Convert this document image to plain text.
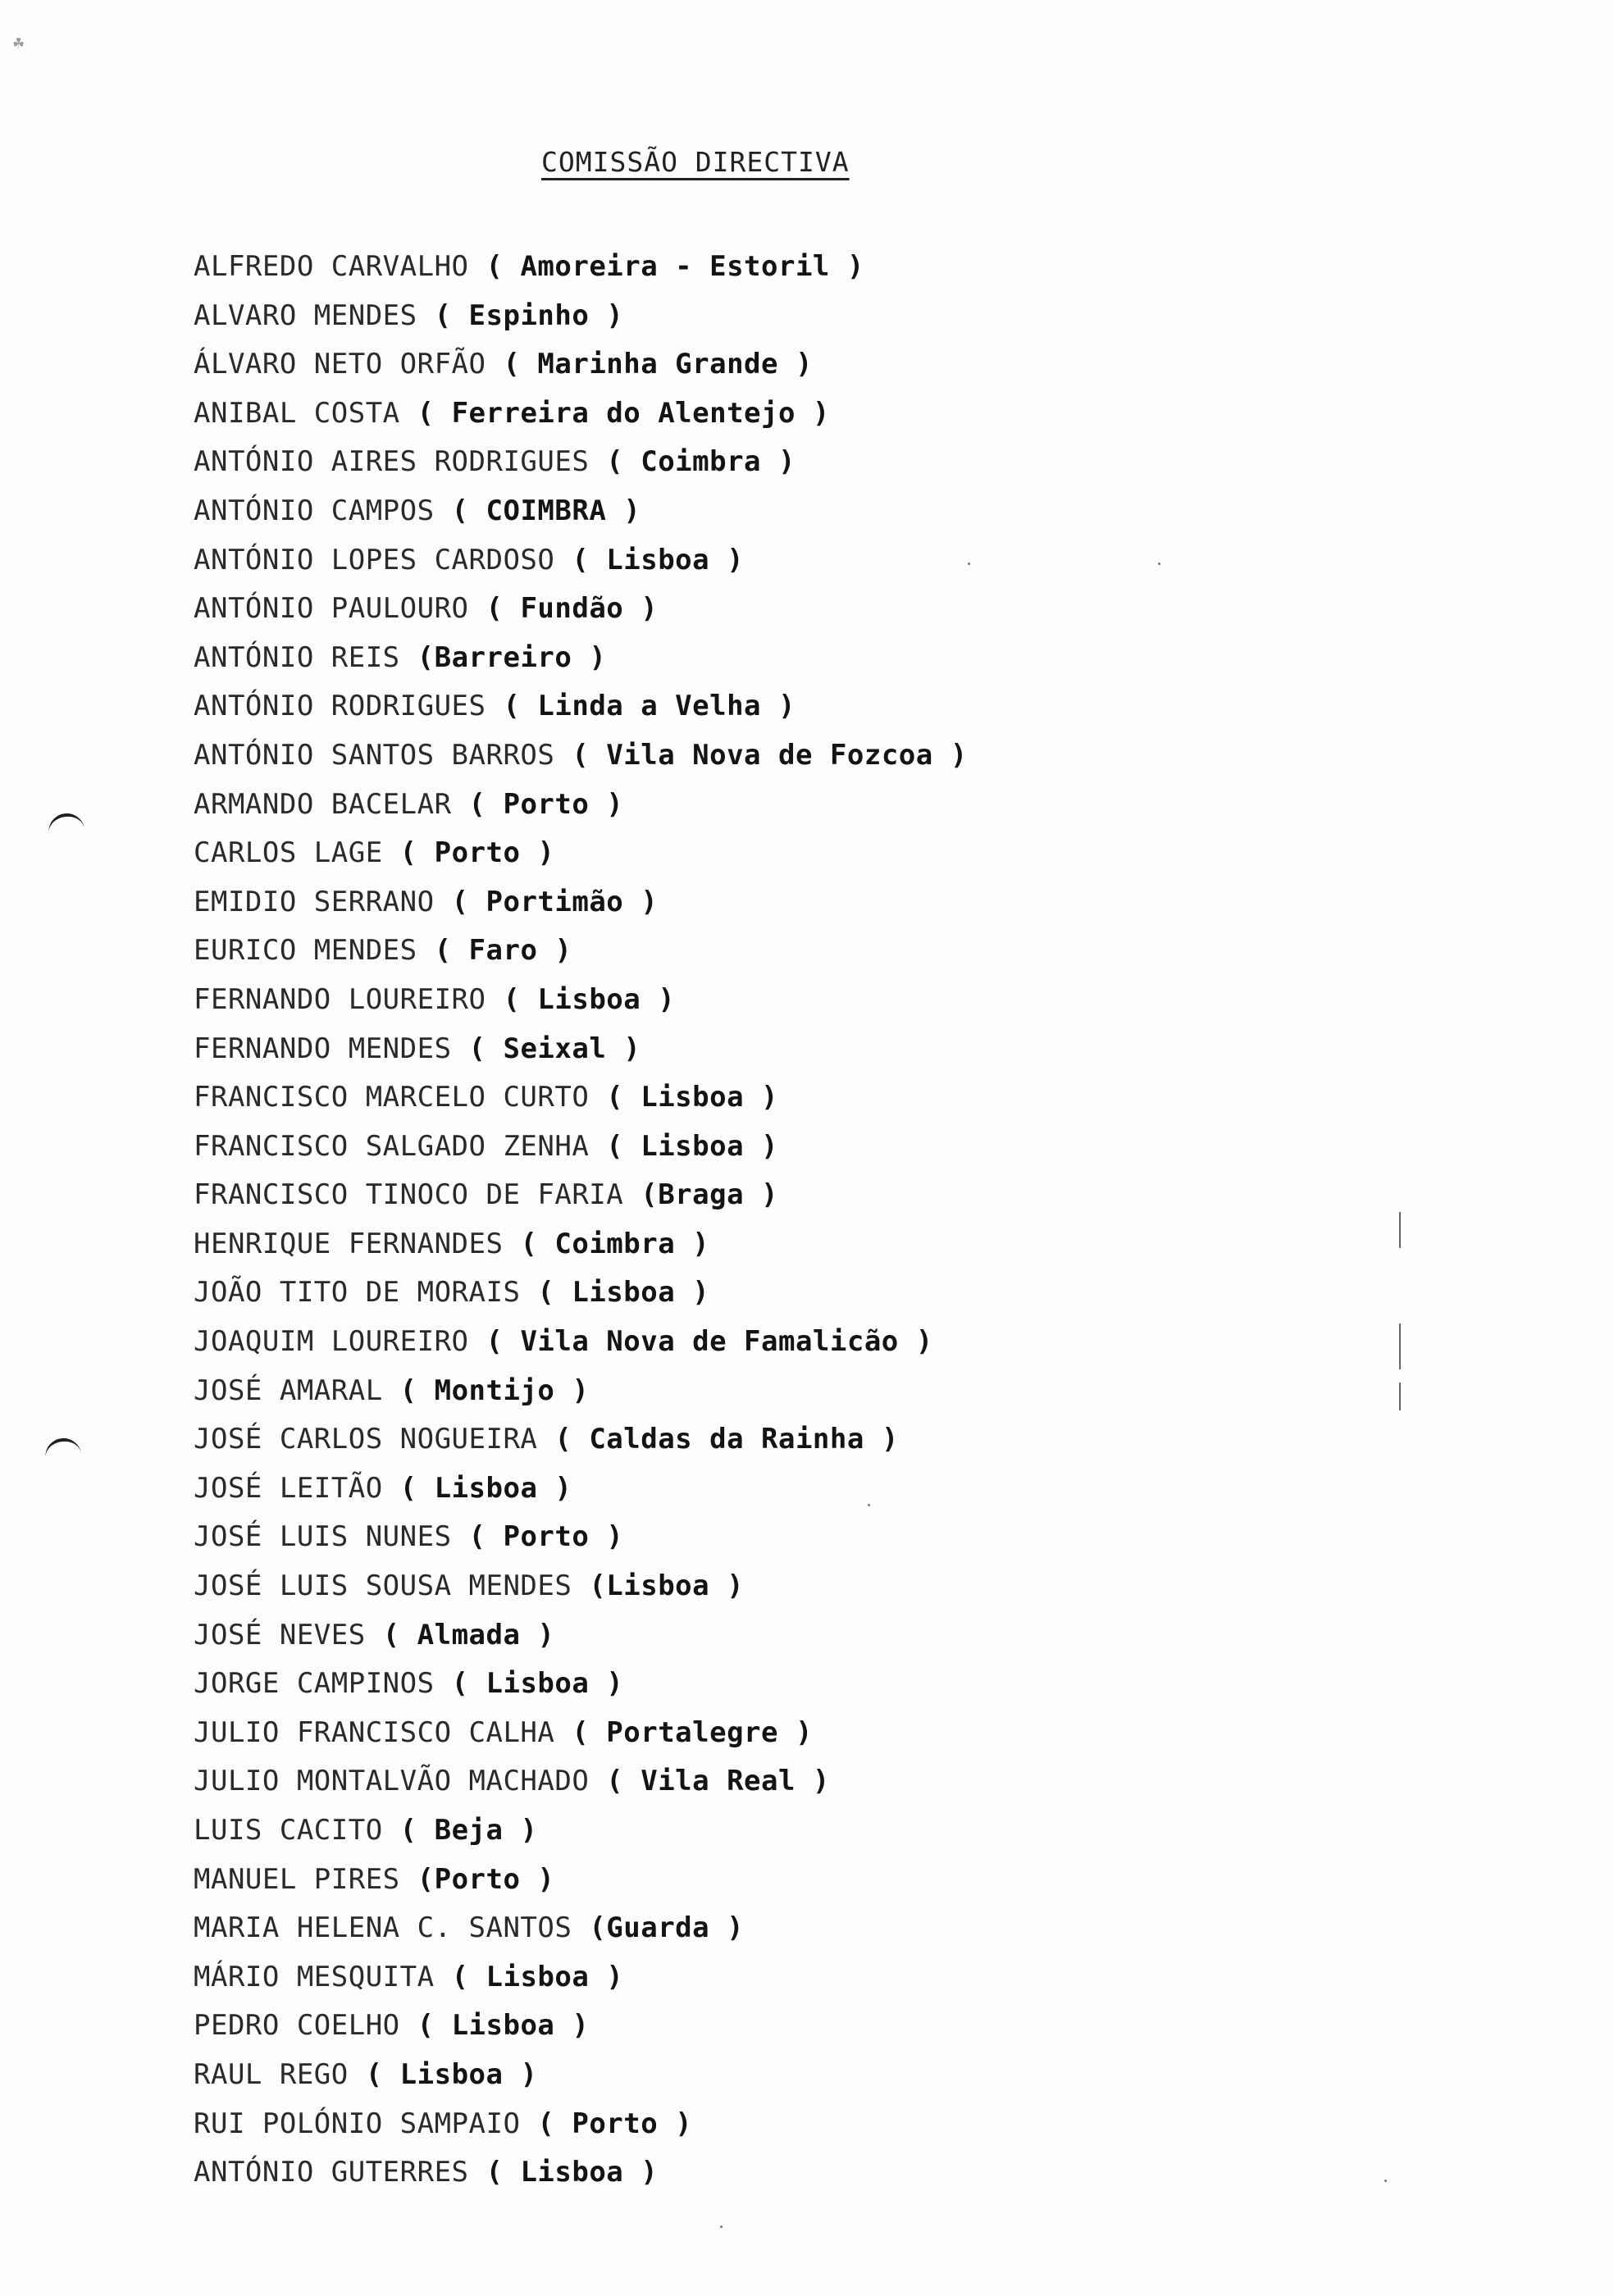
☘
COMISSÃO DIRECTIVA
ALFREDO CARVALHO ( Amoreira - Estoril )
ALVARO MENDES ( Espinho )
ÁLVARO NETO ORFÃO ( Marinha Grande )
ANIBAL COSTA ( Ferreira do Alentejo )
ANTÓNIO AIRES RODRIGUES ( Coimbra )
ANTÓNIO CAMPOS ( COIMBRA )
ANTÓNIO LOPES CARDOSO ( Lisboa )
ANTÓNIO PAULOURO ( Fundão )
ANTÓNIO REIS (Barreiro )
ANTÓNIO RODRIGUES ( Linda a Velha )
ANTÓNIO SANTOS BARROS ( Vila Nova de Fozcoa )
ARMANDO BACELAR ( Porto )
CARLOS LAGE ( Porto )
EMIDIO SERRANO ( Portimão )
EURICO MENDES ( Faro )
FERNANDO LOUREIRO ( Lisboa )
FERNANDO MENDES ( Seixal )
FRANCISCO MARCELO CURTO ( Lisboa )
FRANCISCO SALGADO ZENHA ( Lisboa )
FRANCISCO TINOCO DE FARIA (Braga )
HENRIQUE FERNANDES ( Coimbra )
JOÃO TITO DE MORAIS ( Lisboa )
JOAQUIM LOUREIRO ( Vila Nova de Famalicão )
JOSÉ AMARAL ( Montijo )
JOSÉ CARLOS NOGUEIRA ( Caldas da Rainha )
JOSÉ LEITÃO ( Lisboa )
JOSÉ LUIS NUNES ( Porto )
JOSÉ LUIS SOUSA MENDES (Lisboa )
JOSÉ NEVES ( Almada )
JORGE CAMPINOS ( Lisboa )
JULIO FRANCISCO CALHA ( Portalegre )
JULIO MONTALVÃO MACHADO ( Vila Real )
LUIS CACITO ( Beja )
MANUEL PIRES (Porto )
MARIA HELENA C. SANTOS (Guarda )
MÁRIO MESQUITA ( Lisboa )
PEDRO COELHO ( Lisboa )
RAUL REGO ( Lisboa )
RUI POLÓNIO SAMPAIO ( Porto )
ANTÓNIO GUTERRES ( Lisboa )
